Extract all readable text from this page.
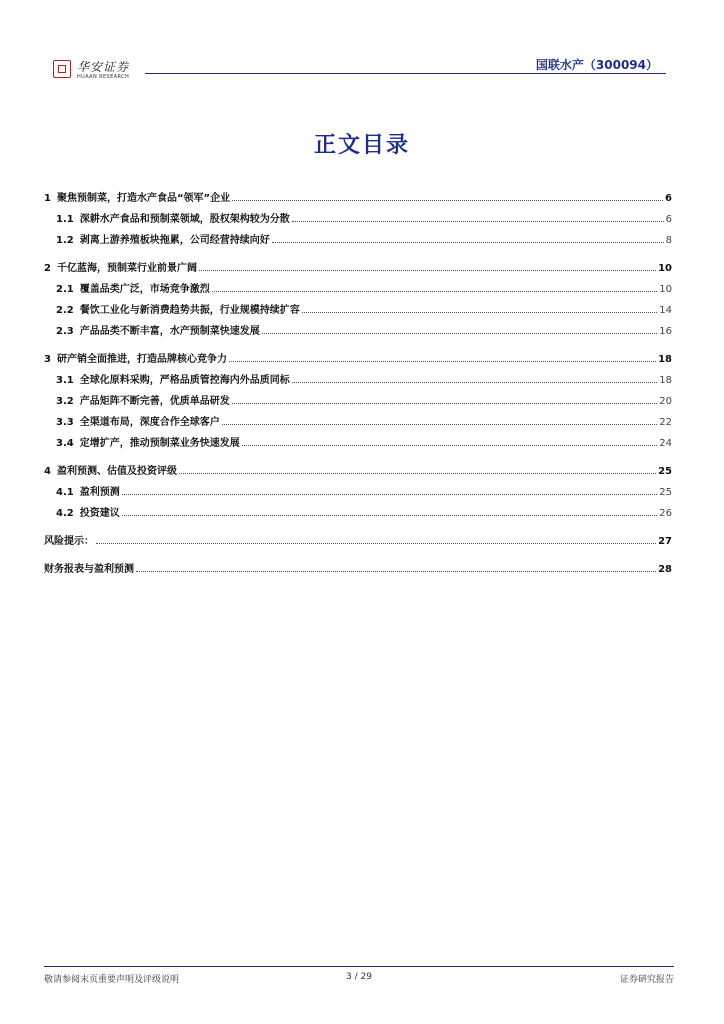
华安证券
HUAAN RESEARCH
国联水产（300094）
正文目录
1 聚焦预制菜，打造水产食品“领军”企业	6
1.1 深耕水产食品和预制菜领域，股权架构较为分散	6
1.2 剥离上游养殖板块拖累，公司经营持续向好	8
2 千亿蓝海，预制菜行业前景广阔	10
2.1 覆盖品类广泛，市场竞争激烈	10
2.2 餐饮工业化与新消费趋势共振，行业规模持续扩容	14
2.3 产品品类不断丰富，水产预制菜快速发展	16
3 研产销全面推进，打造品牌核心竞争力	18
3.1 全球化原料采购，严格品质管控海内外品质同标	18
3.2 产品矩阵不断完善，优质单品研发	20
3.3 全渠道布局，深度合作全球客户	22
3.4 定增扩产，推动预制菜业务快速发展	24
4 盈利预测、估值及投资评级	25
4.1 盈利预测	25
4.2 投资建议	26
风险提示：	27
财务报表与盈利预测	28
敬请参阅末页重要声明及评级说明	3 / 29	证券研究报告
